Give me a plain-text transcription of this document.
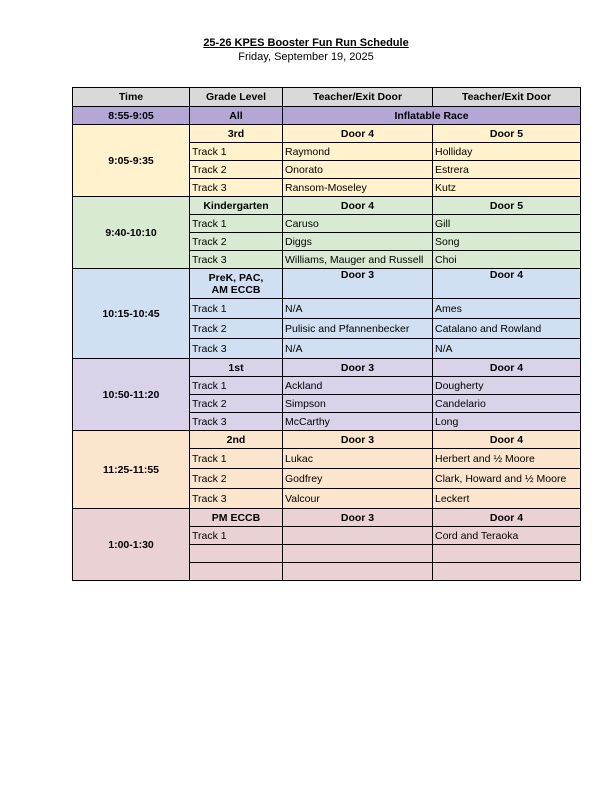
25-26 KPES Booster Fun Run Schedule
Friday, September 19, 2025
Time	Grade Level	Teacher/Exit Door	Teacher/Exit Door
8:55-9:05	All	Inflatable Race	
9:05-9:35	3rd	Door 4	Door 5
	Track 1	Raymond	Holliday
	Track 2	Onorato	Estrera
	Track 3	Ransom-Moseley	Kutz
9:40-10:10	Kindergarten	Door 4	Door 5
	Track 1	Caruso	Gill
	Track 2	Diggs	Song
	Track 3	Williams, Mauger and Russell	Choi
10:15-10:45	PreK, PAC,
AM ECCB	Door 3	Door 4
	Track 1	N/A	Ames
	Track 2	Pulisic and Pfannenbecker	Catalano and Rowland
	Track 3	N/A	N/A
10:50-11:20	1st	Door 3	Door 4
	Track 1	Ackland	Dougherty
	Track 2	Simpson	Candelario
	Track 3	McCarthy	Long
11:25-11:55	2nd	Door 3	Door 4
	Track 1	Lukac	Herbert and ½ Moore
	Track 2	Godfrey	Clark, Howard and ½ Moore
	Track 3	Valcour	Leckert
1:00-1:30	PM ECCB	Door 3	Door 4
	Track 1		Cord and Teraoka
